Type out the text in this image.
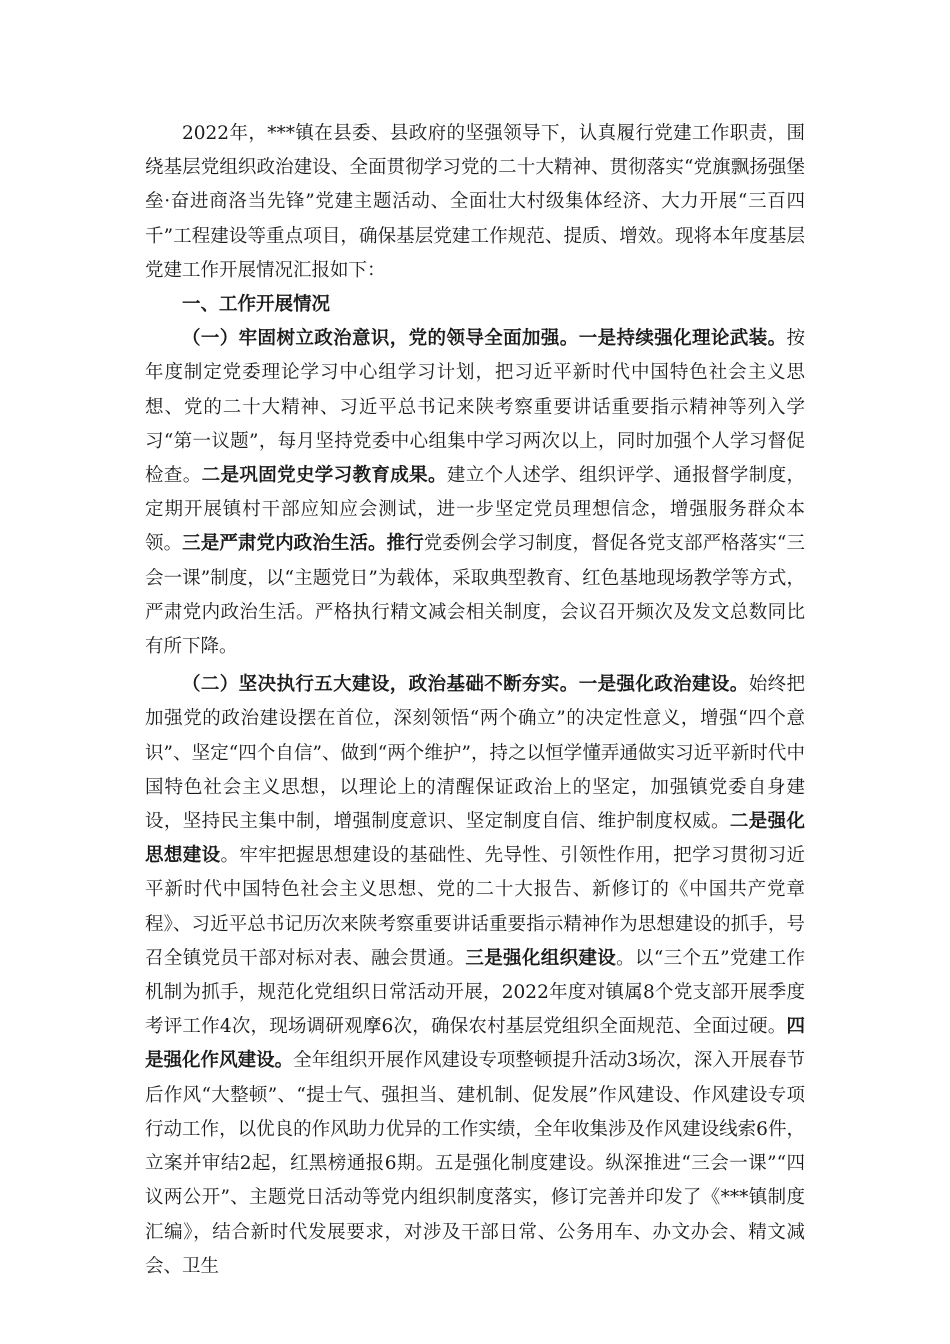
2022年，***镇在县委、县政府的坚强领导下，认真履行党建工作职责，围绕基层党组织政治建设、全面贯彻学习党的二十大精神、贯彻落实“党旗飘扬强堡垒·奋进商洛当先锋”党建主题活动、全面壮大村级集体经济、大力开展“三百四千”工程建设等重点项目，确保基层党建工作规范、提质、增效。现将本年度基层党建工作开展情况汇报如下：

一、工作开展情况

（一）牢固树立政治意识，党的领导全面加强。一是持续强化理论武装。按年度制定党委理论学习中心组学习计划，把习近平新时代中国特色社会主义思想、党的二十大精神、习近平总书记来陕考察重要讲话重要指示精神等列入学习“第一议题”，每月坚持党委中心组集中学习两次以上，同时加强个人学习督促检查。二是巩固党史学习教育成果。建立个人述学、组织评学、通报督学制度，定期开展镇村干部应知应会测试，进一步坚定党员理想信念，增强服务群众本领。三是严肃党内政治生活。推行党委例会学习制度，督促各党支部严格落实“三会一课”制度，以“主题党日”为载体，采取典型教育、红色基地现场教学等方式，严肃党内政治生活。严格执行精文减会相关制度，会议召开频次及发文总数同比有所下降。

（二）坚决执行五大建设，政治基础不断夯实。一是强化政治建设。始终把加强党的政治建设摆在首位，深刻领悟“两个确立”的决定性意义，增强“四个意识”、坚定“四个自信”、做到“两个维护”，持之以恒学懂弄通做实习近平新时代中国特色社会主义思想，以理论上的清醒保证政治上的坚定，加强镇党委自身建设，坚持民主集中制，增强制度意识、坚定制度自信、维护制度权威。二是强化思想建设。牢牢把握思想建设的基础性、先导性、引领性作用，把学习贯彻习近平新时代中国特色社会主义思想、党的二十大报告、新修订的《中国共产党章程》、习近平总书记历次来陕考察重要讲话重要指示精神作为思想建设的抓手，号召全镇党员干部对标对表、融会贯通。三是强化组织建设。以“三个五”党建工作机制为抓手，规范化党组织日常活动开展，2022年度对镇属8个党支部开展季度考评工作4次，现场调研观摩6次，确保农村基层党组织全面规范、全面过硬。四是强化作风建设。全年组织开展作风建设专项整顿提升活动3场次，深入开展春节后作风“大整顿”、“提士气、强担当、建机制、促发展”作风建设、作风建设专项行动工作，以优良的作风助力优异的工作实绩，全年收集涉及作风建设线索6件，立案并审结2起，红黑榜通报6期。五是强化制度建设。纵深推进“三会一课”“四议两公开”、主题党日活动等党内组织制度落实，修订完善并印发了《***镇制度汇编》，结合新时代发展要求，对涉及干部日常、公务用车、办文办会、精文减会、卫生
